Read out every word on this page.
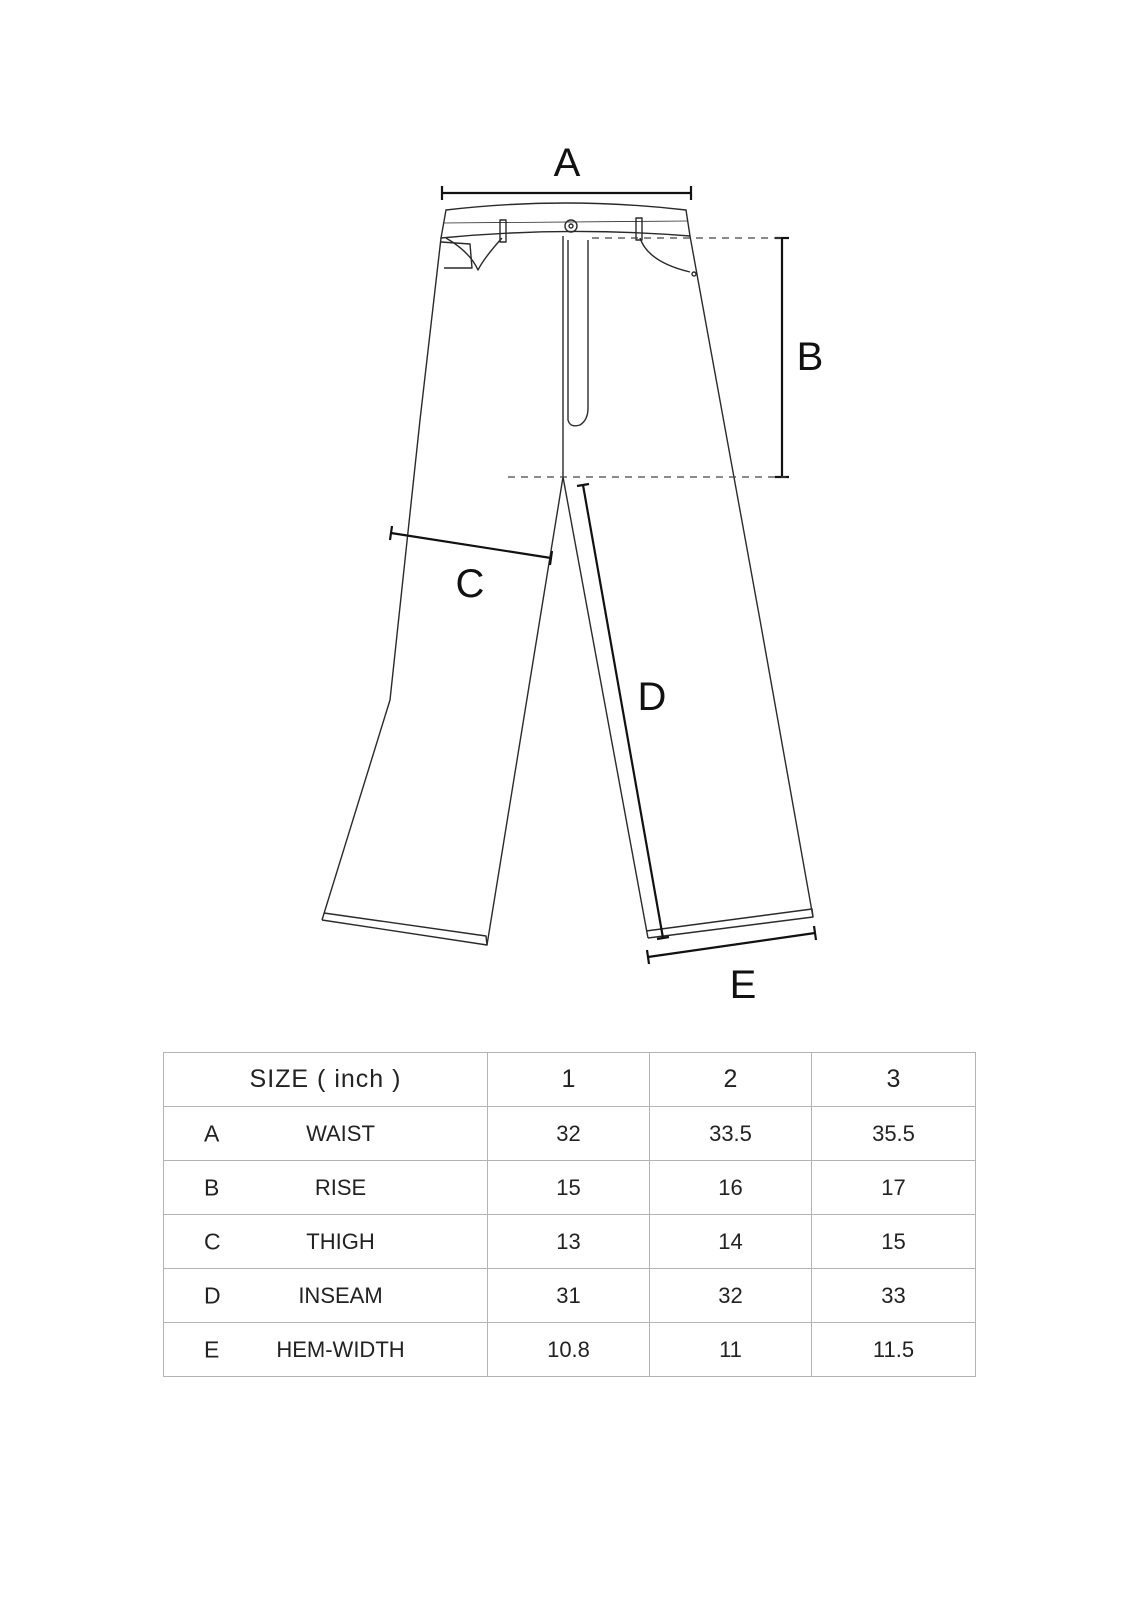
A
B
C
D
E
SIZE ( inch )	1	2	3

A WAIST	32	33.5	35.5

B RISE	15	16	17

C THIGH	13	14	15

D INSEAM	31	32	33

E HEM-WIDTH	10.8	11	11.5
